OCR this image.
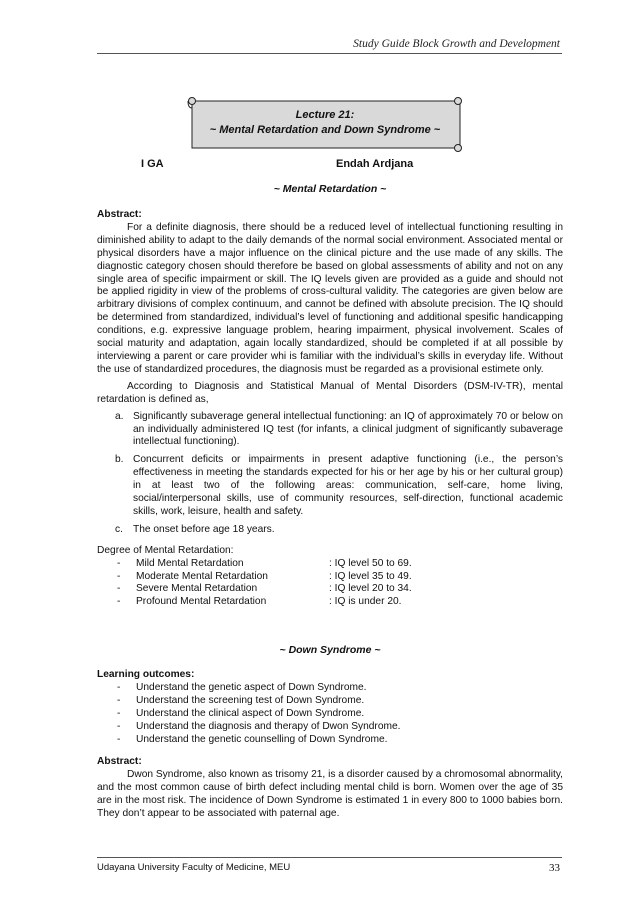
Study Guide Block Growth and Development
Lecture 21:
~ Mental Retardation and Down Syndrome ~
I GA	Endah Ardjana
~ Mental Retardation ~
Abstract:

For a definite diagnosis, there should be a reduced level of intellectual functioning resulting in diminished ability to adapt to the daily demands of the normal social environment. Associated mental or physical disorders have a major influence on the clinical picture and the use made of any skills. The diagnostic category chosen should therefore be based on global assessments of ability and not on any single area of specific impairment or skill. The IQ levels given are provided as a guide and should not be applied rigidity in view of the problems of cross-cultural validity. The categories are given below are arbitrary divisions of complex continuum, and cannot be defined with absolute precision. The IQ should be determined from standardized, individual’s level of functioning and additional spesific handicapping conditions, e.g. expressive language problem, hearing impairment, physical involvement. Scales of social maturity and adaptation, again locally standardized, should be completed if at all possible by interviewing a parent or care provider whi is familiar with the individual’s skills in everyday life. Without the use of standardized procedures, the diagnosis must be regarded as a provisional estimete only.

According to Diagnosis and Statistical Manual of Mental Disorders (DSM-IV-TR), mental retardation is defined as,

a. Significantly subaverage general intellectual functioning: an IQ of approximately 70 or below on an individually administered IQ test (for infants, a clinical judgment of significantly subaverage intellectual functioning).
b. Concurrent deficits or impairments in present adaptive functioning (i.e., the person’s effectiveness in meeting the standards expected for his or her age by his or her cultural group) in at least two of the following areas: communication, self-care, home living, social/interpersonal skills, use of community resources, self-direction, functional academic skills, work, leisure, health and safety.
c. The onset before age 18 years.
Degree of Mental Retardation:
- Mild Mental Retardation	: IQ level 50 to 69.
- Moderate Mental Retardation	: IQ level 35 to 49.
- Severe Mental Retardation	: IQ level 20 to 34.
- Profound Mental Retardation	: IQ is under 20.
~ Down Syndrome ~
Learning outcomes:
- Understand the genetic aspect of Down Syndrome.
- Understand the screening test of Down Syndrome.
- Understand the clinical aspect of Down Syndrome.
- Understand the diagnosis and therapy of Dwon Syndrome.
- Understand the genetic counselling of Down Syndrome.
Abstract:

Dwon Syndrome, also known as trisomy 21, is a disorder caused by a chromosomal abnormality, and the most common cause of birth defect including mental child is born. Women over the age of 35 are in the most risk. The incidence of Down Syndrome is estimated 1 in every 800 to 1000 babies born. They don’t appear to be associated with paternal age.

Udayana University Faculty of Medicine, MEU	33
